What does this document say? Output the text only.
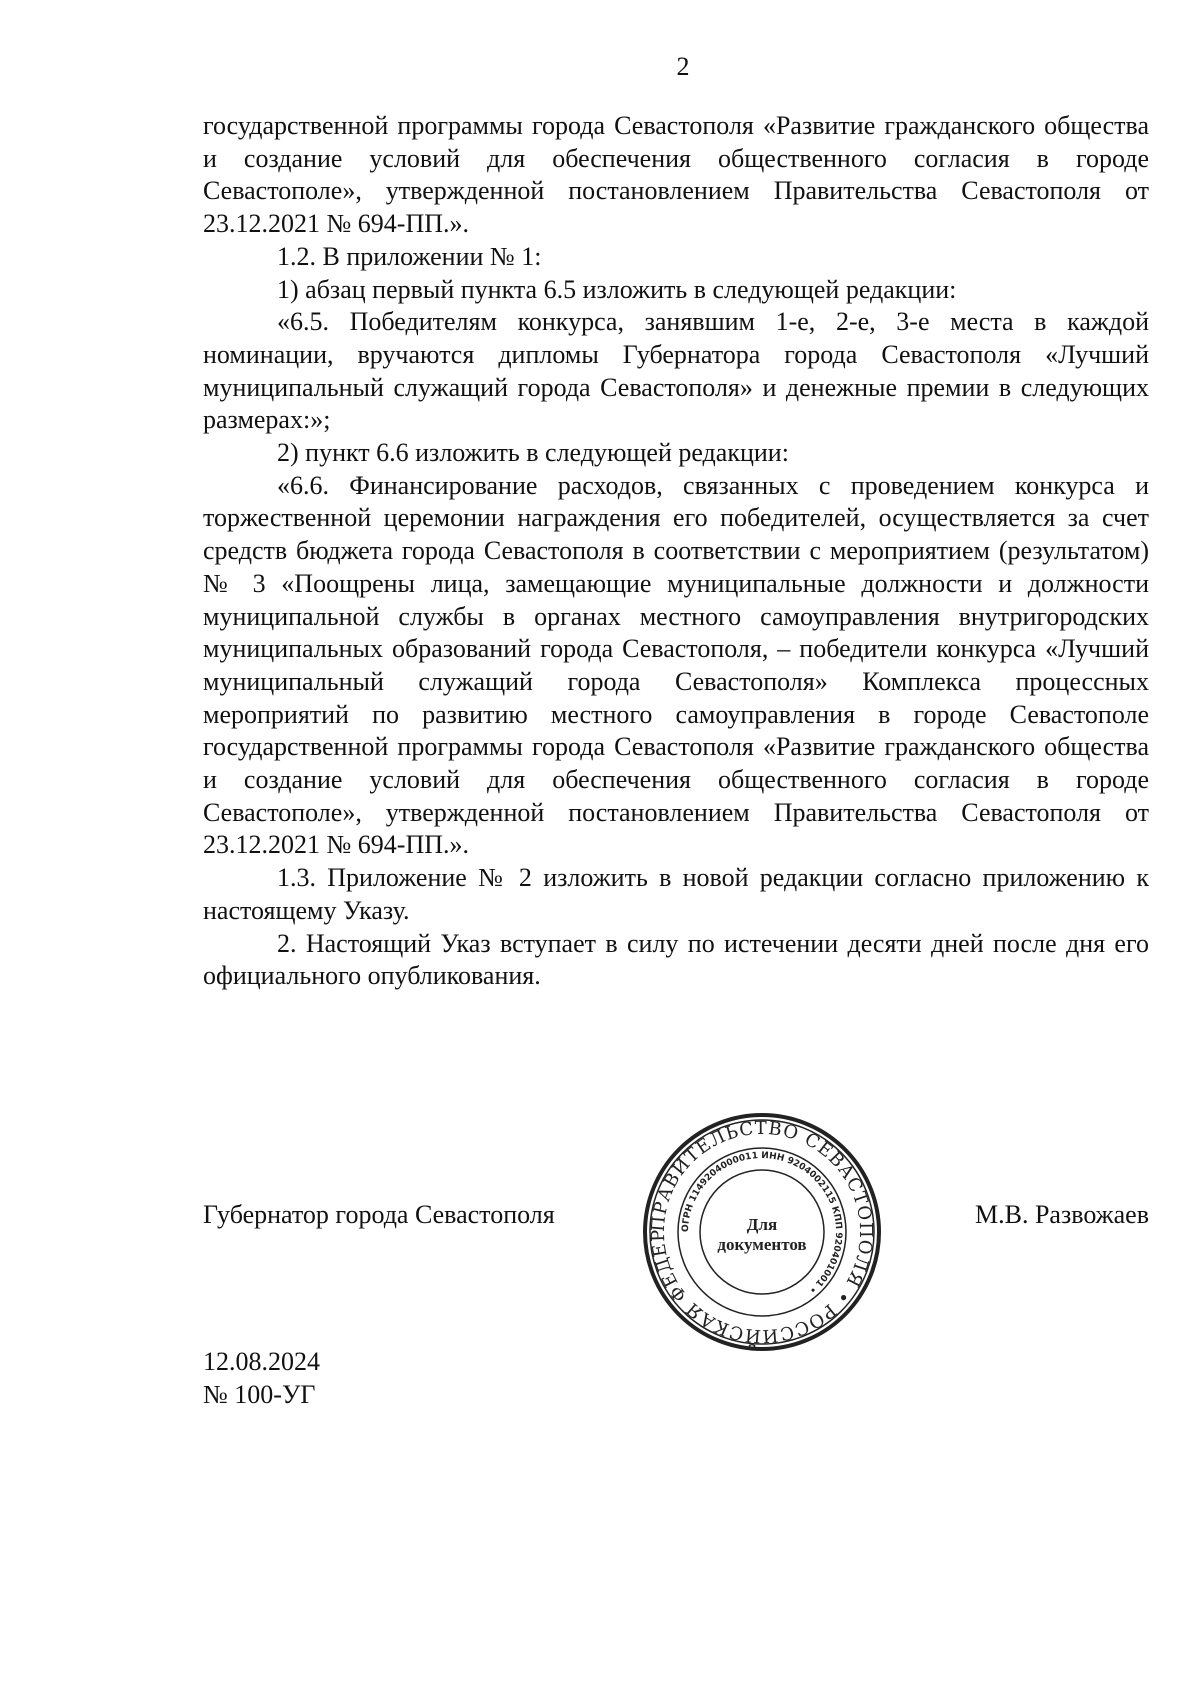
2

государственной программы города Севастополя «Развитие гражданского общества и создание условий для обеспечения общественного согласия в городе Севастополе», утвержденной постановлением Правительства Севастополя от 23.12.2021 № 694-ПП.».

1.2. В приложении № 1:

1) абзац первый пункта 6.5 изложить в следующей редакции:

«6.5. Победителям конкурса, занявшим 1-е, 2-е, 3-е места в каждой номинации, вручаются дипломы Губернатора города Севастополя «Лучший муниципальный служащий города Севастополя» и денежные премии в следующих размерах:»;

2) пункт 6.6 изложить в следующей редакции:

«6.6. Финансирование расходов, связанных с проведением конкурса и торжественной церемонии награждения его победителей, осуществляется за счет средств бюджета города Севастополя в соответствии с мероприятием (результатом) № 3 «Поощрены лица, замещающие муниципальные должности и должности муниципальной службы в органах местного самоуправления внутригородских муниципальных образований города Севастополя, – победители конкурса «Лучший муниципальный служащий города Севастополя» Комплекса процессных мероприятий по развитию местного самоуправления в городе Севастополе государственной программы города Севастополя «Развитие гражданского общества и создание условий для обеспечения общественного согласия в городе Севастополе», утвержденной постановлением Правительства Севастополя от 23.12.2021 № 694-ПП.».

1.3. Приложение № 2 изложить в новой редакции согласно приложению к настоящему Указу.

2. Настоящий Указ вступает в силу по истечении десяти дней после дня его официального опубликования.

Губернатор города Севастополя	М.В. Развожаев
ПРАВИТЕЛЬСТВО СЕВАСТОПОЛЯ • РОССИЙСКАЯ ФЕДЕР
ОГРН 1149204000011 ИНН 9204002115 КПП 920401001 •
Для
документов
12.08.2024
№ 100-УГ
